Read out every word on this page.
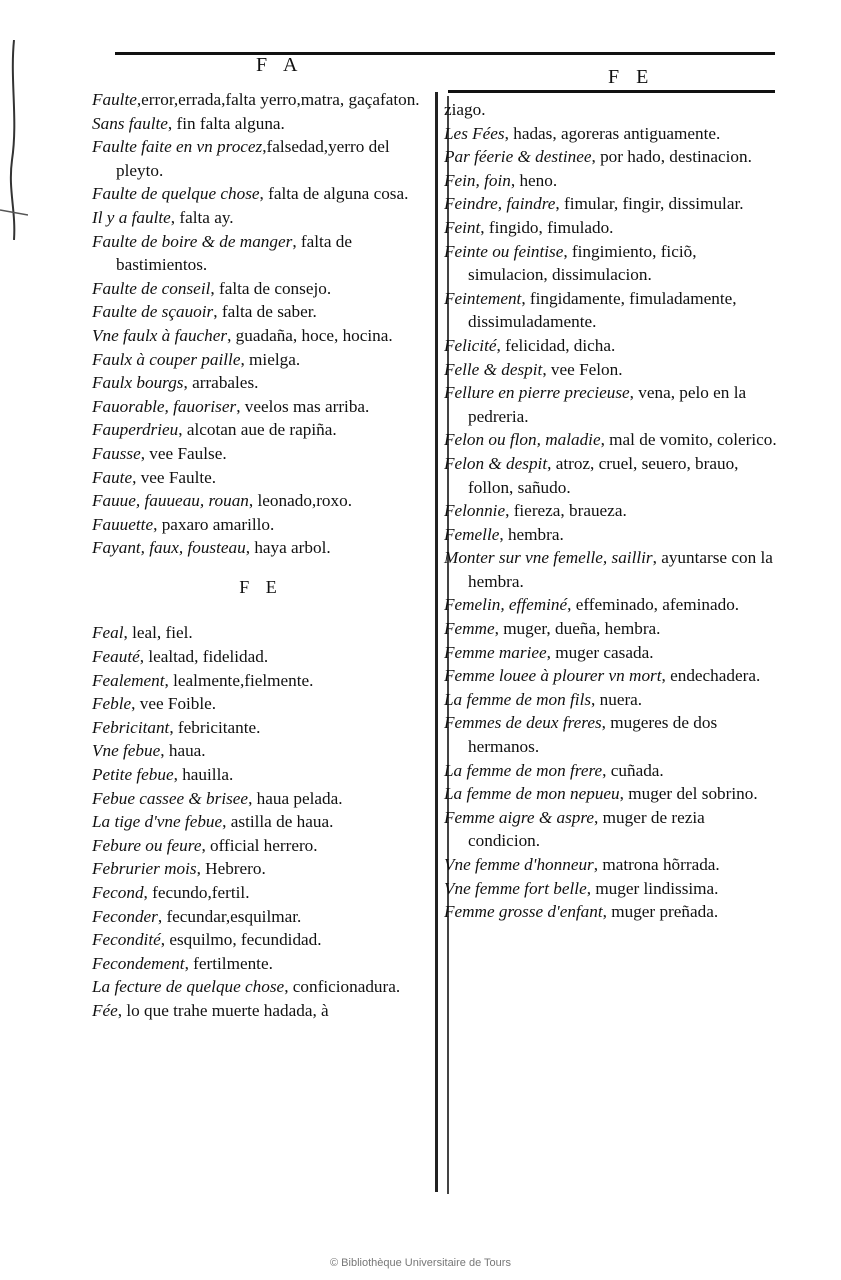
F A
F E

Faulte,error,errada,falta yerro,matra, gaçafaton.

Sans faulte, fin falta alguna.

Faulte faite en vn procez,falsedad,yerro del pleyto.

Faulte de quelque chose, falta de alguna cosa.

Il y a faulte, falta ay.

Faulte de boire & de manger, falta de bastimientos.

Faulte de conseil, falta de consejo.

Faulte de sçauoir, falta de saber.

Vne faulx à faucher, guadaña, hoce, hocina.

Faulx à couper paille, mielga.

Faulx bourgs, arrabales.

Fauorable, fauoriser, veelos mas arriba.

Fauperdrieu, alcotan aue de rapiña.

Fausse, vee Faulse.

Faute, vee Faulte.

Fauue, fauueau, rouan, leonado,roxo.

Fauuette, paxaro amarillo.

Fayant, faux, fousteau, haya arbol.

F E

Feal, leal, fiel.

Feauté, lealtad, fidelidad.

Fealement, lealmente,fielmente.

Feble, vee Foible.

Febricitant, febricitante.

Vne febue, haua.

Petite febue, hauilla.

Febue cassee & brisee, haua pelada.

La tige d'vne febue, astilla de haua.

Febure ou feure, official herrero.

Februrier mois, Hebrero.

Fecond, fecundo,fertil.

Feconder, fecundar,esquilmar.

Fecondité, esquilmo, fecundidad.

Fecondement, fertilmente.

La fecture de quelque chose, conficionadura.

Fée, lo que trahe muerte hadada, à

ziago.

Les Fées, hadas, agoreras antiguamente.

Par féerie & destinee, por hado, destinacion.

Fein, foin, heno.

Feindre, faindre, fimular, fingir, dissimular.

Feint, fingido, fimulado.

Feinte ou feintise, fingimiento, ficiõ, simulacion, dissimulacion.

Feintement, fingidamente, fimuladamente, dissimuladamente.

Felicité, felicidad, dicha.

Felle & despit, vee Felon.

Fellure en pierre precieuse, vena, pelo en la pedreria.

Felon ou flon, maladie, mal de vomito, colerico.

Felon & despit, atroz, cruel, seuero, brauo, follon, sañudo.

Felonnie, fiereza, braueza.

Femelle, hembra.

Monter sur vne femelle, saillir, ayuntarse con la hembra.

Femelin, effeminé, effeminado, afeminado.

Femme, muger, dueña, hembra.

Femme mariee, muger casada.

Femme louee à plourer vn mort, endechadera.

La femme de mon fils, nuera.

Femmes de deux freres, mugeres de dos hermanos.

La femme de mon frere, cuñada.

La femme de mon nepueu, muger del sobrino.

Femme aigre & aspre, muger de rezia condicion.

Vne femme d'honneur, matrona hõrrada.

Vne femme fort belle, muger lindissima.

Femme grosse d'enfant, muger preñada.

© Bibliothèque Universitaire de Tours
